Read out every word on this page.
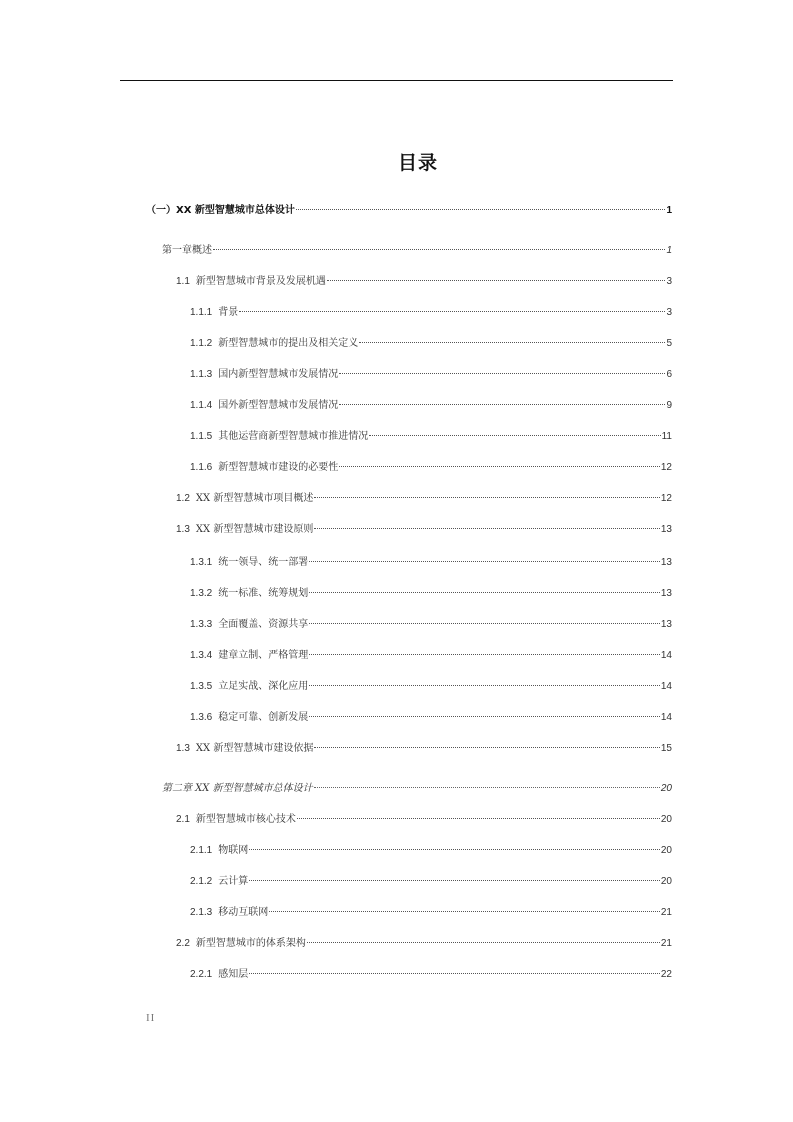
目录
（一）XX 新型智慧城市总体设计	1
第一章概述	1
1.1 新型智慧城市背景及发展机遇	3
1.1.1 背景	3
1.1.2 新型智慧城市的提出及相关定义	5
1.1.3 国内新型智慧城市发展情况	6
1.1.4 国外新型智慧城市发展情况	9
1.1.5 其他运营商新型智慧城市推进情况	11
1.1.6 新型智慧城市建设的必要性	12
1.2 XX 新型智慧城市项目概述	12
1.3 XX 新型智慧城市建设原则	13
1.3.1 统一领导、统一部署	13
1.3.2 统一标准、统筹规划	13
1.3.3 全面覆盖、资源共享	13
1.3.4 建章立制、严格管理	14
1.3.5 立足实战、深化应用	14
1.3.6 稳定可靠、创新发展	14
1.3 XX 新型智慧城市建设依据	15
第二章 XX 新型智慧城市总体设计	20
2.1 新型智慧城市核心技术	20
2.1.1 物联网	20
2.1.2 云计算	20
2.1.3 移动互联网	21
2.2 新型智慧城市的体系架构	21
2.2.1 感知层	22
II
